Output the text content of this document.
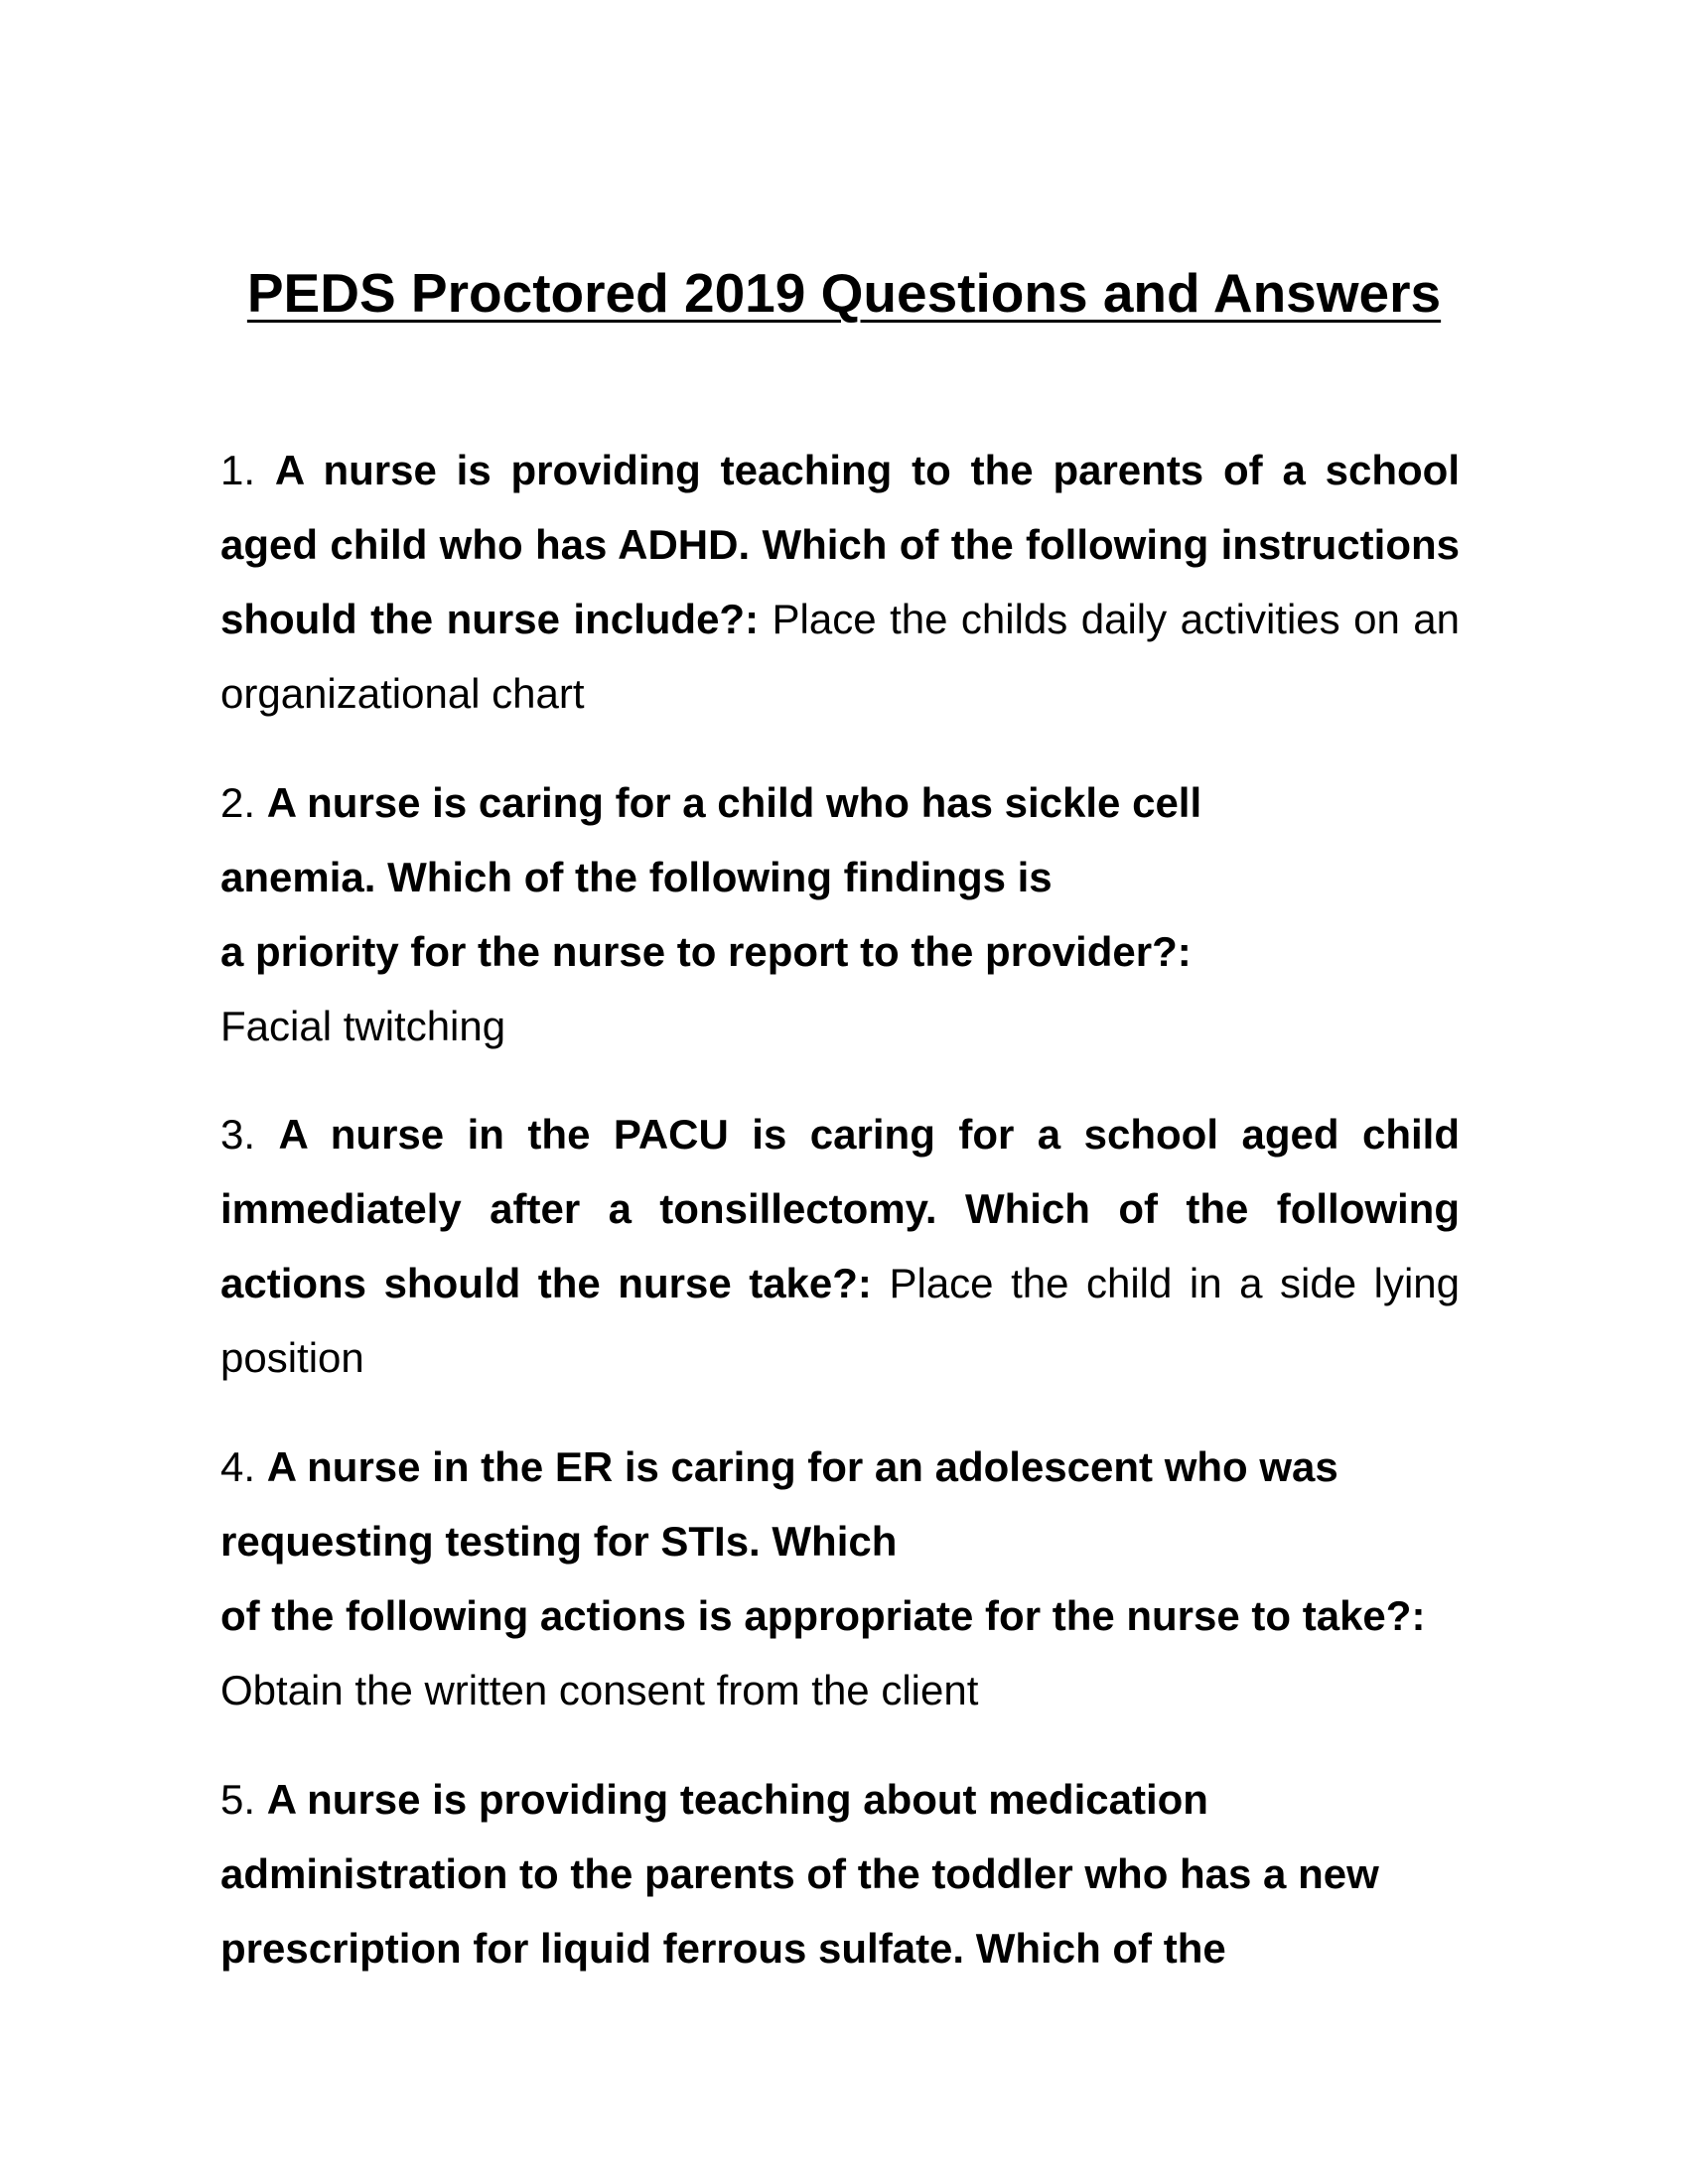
PEDS Proctored 2019 Questions and Answers

1. A nurse is providing teaching to the parents of a school aged child who has ADHD. Which of the following instructions should the nurse include?: Place the childs daily activities on an organizational chart

2. A nurse is caring for a child who has sickle cell
anemia. Which of the following findings is
a priority for the nurse to report to the provider?:
Facial twitching

3. A nurse in the PACU is caring for a school aged child immediately after a tonsillectomy. Which of the following actions should the nurse take?: Place the child in a side lying position

4. A nurse in the ER is caring for an adolescent who was
requesting testing for STIs. Which
of the following actions is appropriate for the nurse to take?:
Obtain the written consent from the client

5. A nurse is providing teaching about medication administration to the parents of the toddler who has a new prescription for liquid ferrous sulfate. Which of the
